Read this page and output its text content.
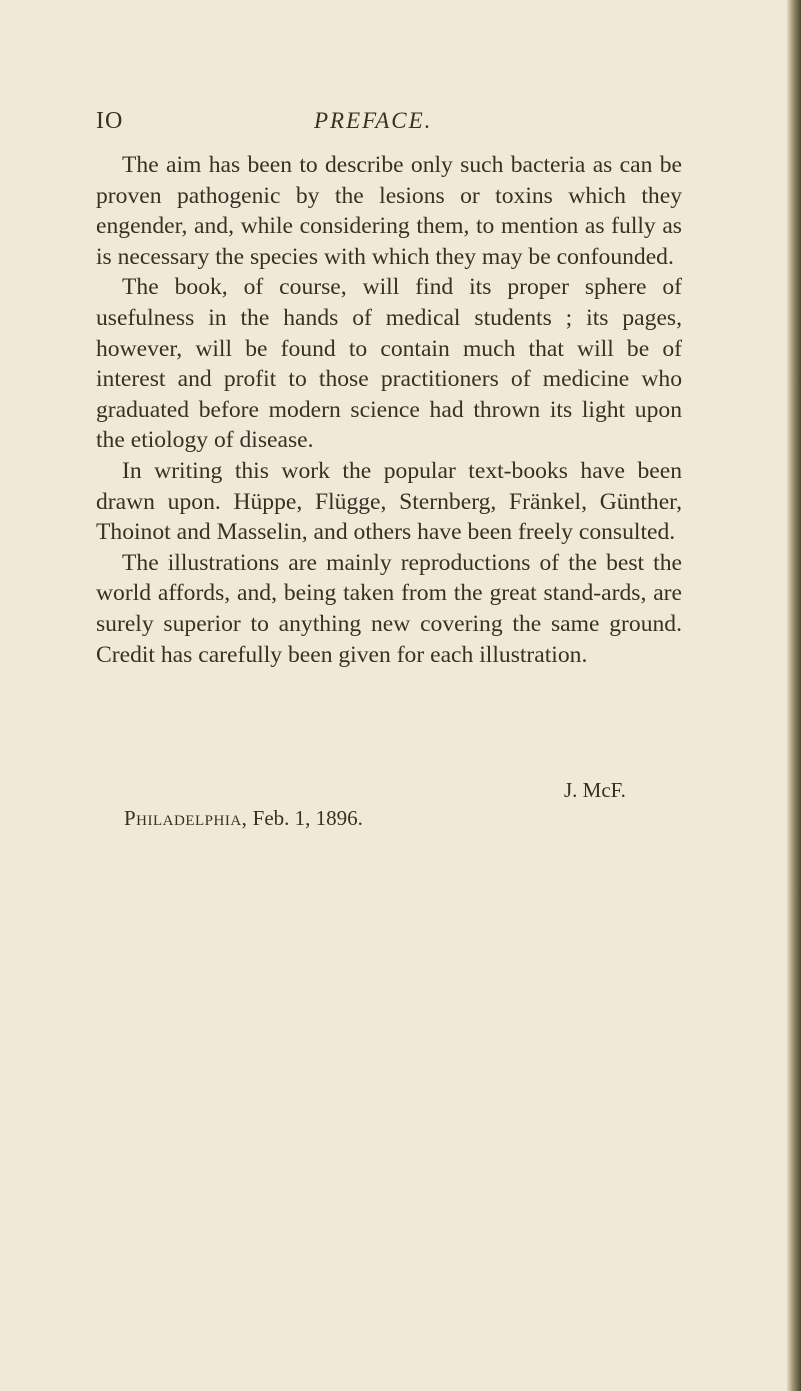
IO	PREFACE.

The aim has been to describe only such bacteria as can be proven pathogenic by the lesions or toxins which they engender, and, while considering them, to mention as fully as is necessary the species with which they may be confounded.

The book, of course, will find its proper sphere of usefulness in the hands of medical students ; its pages, however, will be found to contain much that will be of interest and profit to those practitioners of medicine who graduated before modern science had thrown its light upon the etiology of disease.

In writing this work the popular text-books have been drawn upon. Hüppe, Flügge, Sternberg, Fränkel, Günther, Thoinot and Masselin, and others have been freely consulted.

The illustrations are mainly reproductions of the best the world affords, and, being taken from the great stand-ards, are surely superior to anything new covering the same ground. Credit has carefully been given for each illustration.

J. McF.
Philadelphia, Feb. 1, 1896.
